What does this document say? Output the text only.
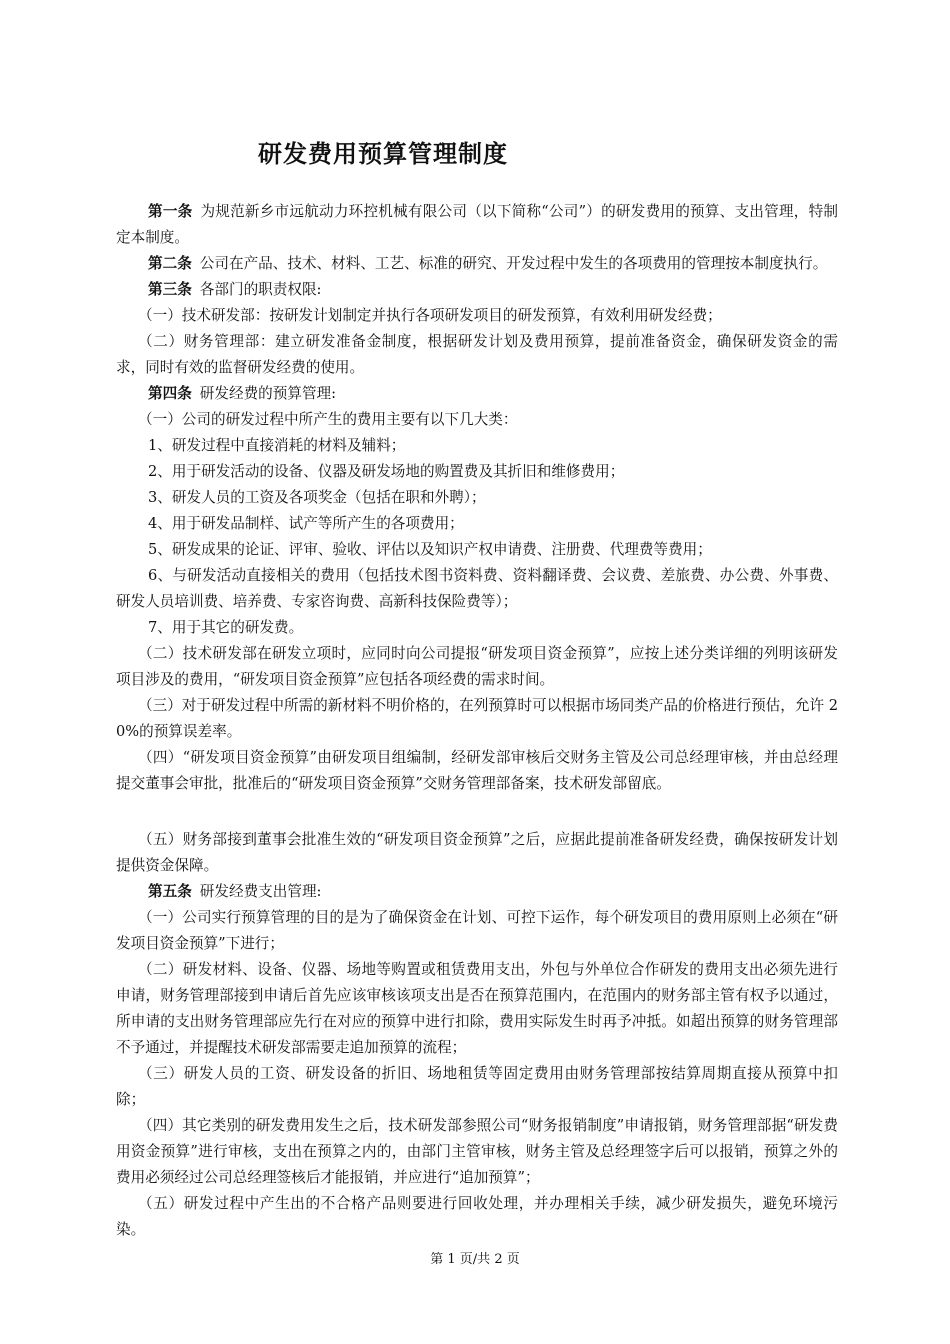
研发费用预算管理制度

第一条 为规范新乡市远航动力环控机械有限公司（以下简称“公司”）的研发费用的预算、支出管理，特制定本制度。

第二条 公司在产品、技术、材料、工艺、标准的研究、开发过程中发生的各项费用的管理按本制度执行。

第三条 各部门的职责权限:

（一）技术研发部：按研发计划制定并执行各项研发项目的研发预算，有效利用研发经费；

（二）财务管理部：建立研发准备金制度，根据研发计划及费用预算，提前准备资金，确保研发资金的需求，同时有效的监督研发经费的使用。

第四条 研发经费的预算管理:

（一）公司的研发过程中所产生的费用主要有以下几大类：

1、研发过程中直接消耗的材料及辅料；

2、用于研发活动的设备、仪器及研发场地的购置费及其折旧和维修费用；

3、研发人员的工资及各项奖金（包括在职和外聘）；

4、用于研发品制样、试产等所产生的各项费用；

5、研发成果的论证、评审、验收、评估以及知识产权申请费、注册费、代理费等费用；

6、与研发活动直接相关的费用（包括技术图书资料费、资料翻译费、会议费、差旅费、办公费、外事费、研发人员培训费、培养费、专家咨询费、高新科技保险费等）；

7、用于其它的研发费。

（二）技术研发部在研发立项时，应同时向公司提报“研发项目资金预算”，应按上述分类详细的列明该研发项目涉及的费用，“研发项目资金预算”应包括各项经费的需求时间。

（三）对于研发过程中所需的新材料不明价格的，在列预算时可以根据市场同类产品的价格进行预估，允许 20%的预算误差率。

（四）“研发项目资金预算”由研发项目组编制，经研发部审核后交财务主管及公司总经理审核，并由总经理提交董事会审批，批准后的“研发项目资金预算”交财务管理部备案，技术研发部留底。

（五）财务部接到董事会批准生效的“研发项目资金预算”之后，应据此提前准备研发经费，确保按研发计划提供资金保障。

第五条 研发经费支出管理:

（一）公司实行预算管理的目的是为了确保资金在计划、可控下运作，每个研发项目的费用原则上必须在“研发项目资金预算”下进行；

（二）研发材料、设备、仪器、场地等购置或租赁费用支出，外包与外单位合作研发的费用支出必须先进行申请，财务管理部接到申请后首先应该审核该项支出是否在预算范围内，在范围内的财务部主管有权予以通过，所申请的支出财务管理部应先行在对应的预算中进行扣除，费用实际发生时再予冲抵。如超出预算的财务管理部不予通过，并提醒技术研发部需要走追加预算的流程；

（三）研发人员的工资、研发设备的折旧、场地租赁等固定费用由财务管理部按结算周期直接从预算中扣除；

（四）其它类别的研发费用发生之后，技术研发部参照公司“财务报销制度”申请报销，财务管理部据“研发费用资金预算”进行审核，支出在预算之内的，由部门主管审核，财务主管及总经理签字后可以报销，预算之外的费用必须经过公司总经理签核后才能报销，并应进行“追加预算”；

（五）研发过程中产生出的不合格产品则要进行回收处理，并办理相关手续，减少研发损失，避免环境污染。

第 1 页/共 2 页
